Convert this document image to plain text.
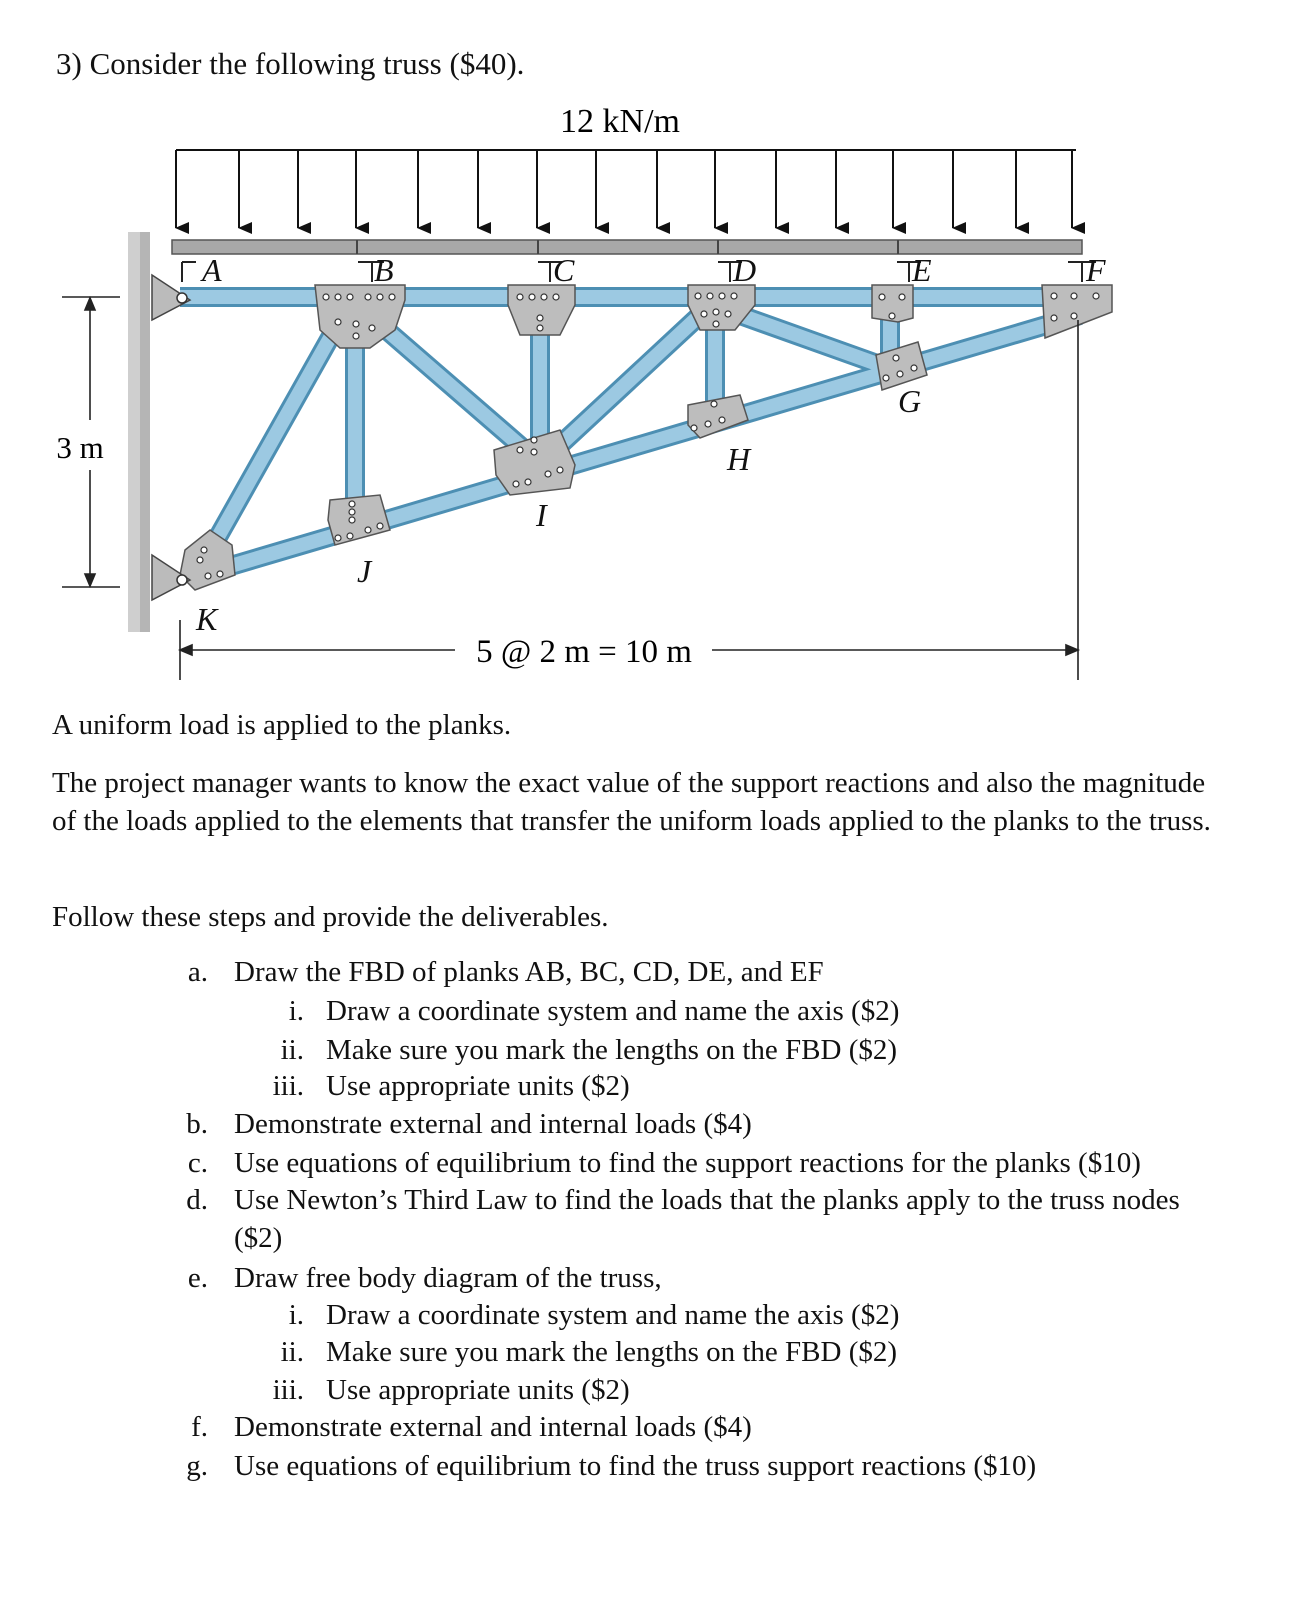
3) Consider the following truss ($40).
12 kN/m
3 m
5 @ 2 m = 10 m
A	B	C	D	E	F
G
H
I
J
K
A uniform load is applied to the planks.
The project manager wants to know the exact value of the support reactions and also the magnitude of the loads applied to the elements that transfer the uniform loads applied to the planks to the truss.
Follow these steps and provide the deliverables.
a. Draw the FBD of planks AB, BC, CD, DE, and EF
i. Draw a coordinate system and name the axis ($2)
ii. Make sure you mark the lengths on the FBD ($2)
iii. Use appropriate units ($2)
b. Demonstrate external and internal loads ($4)
c. Use equations of equilibrium to find the support reactions for the planks ($10)
d. Use Newton’s Third Law to find the loads that the planks apply to the truss nodes
($2)
e. Draw free body diagram of the truss,
i. Draw a coordinate system and name the axis ($2)
ii. Make sure you mark the lengths on the FBD ($2)
iii. Use appropriate units ($2)
f. Demonstrate external and internal loads ($4)
g. Use equations of equilibrium to find the truss support reactions ($10)
